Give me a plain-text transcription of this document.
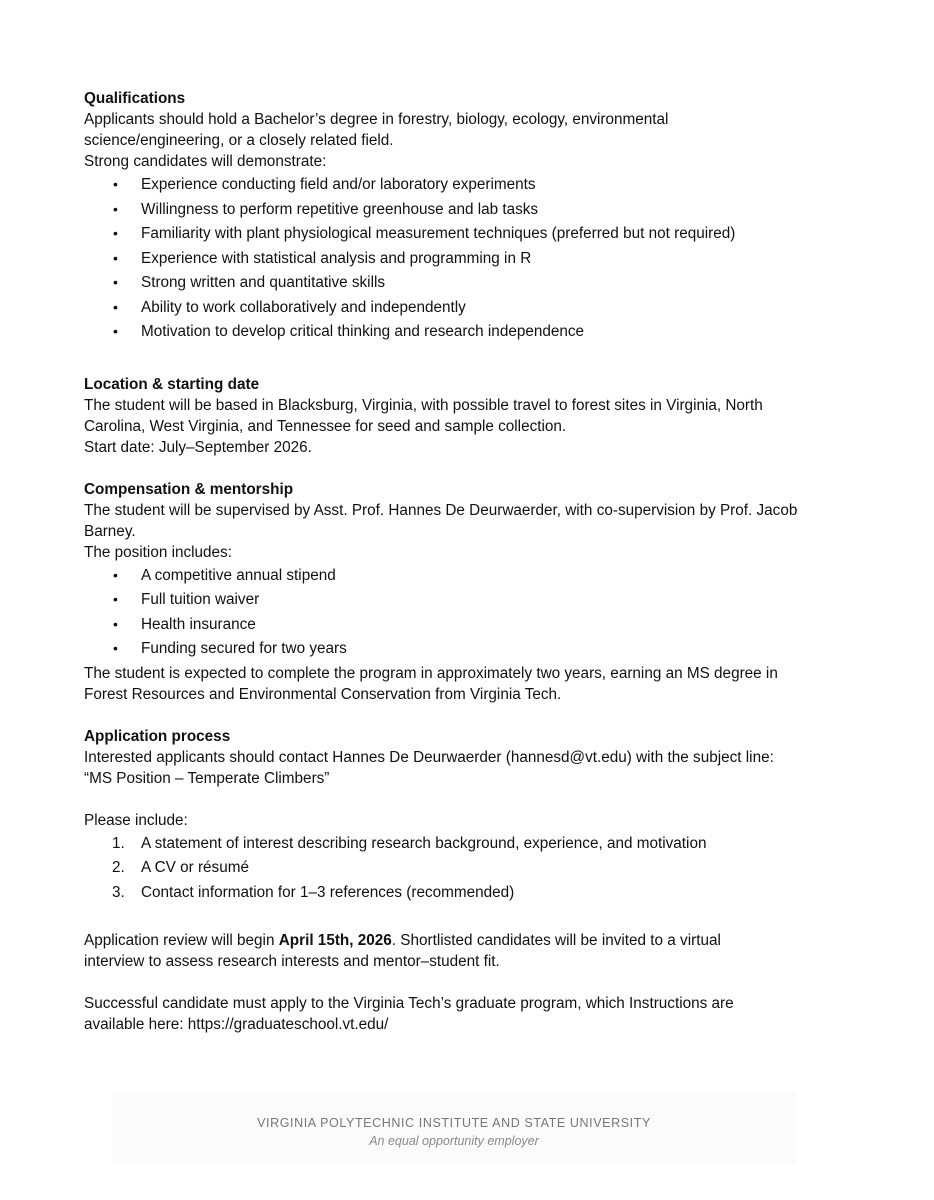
Qualifications
Applicants should hold a Bachelor’s degree in forestry, biology, ecology, environmental
science/engineering, or a closely related field.
Strong candidates will demonstrate:
• Experience conducting field and/or laboratory experiments
• Willingness to perform repetitive greenhouse and lab tasks
• Familiarity with plant physiological measurement techniques (preferred but not required)
• Experience with statistical analysis and programming in R
• Strong written and quantitative skills
• Ability to work collaboratively and independently
• Motivation to develop critical thinking and research independence
Location & starting date
The student will be based in Blacksburg, Virginia, with possible travel to forest sites in Virginia, North
Carolina, West Virginia, and Tennessee for seed and sample collection.
Start date: July–September 2026.
Compensation & mentorship
The student will be supervised by Asst. Prof. Hannes De Deurwaerder, with co-supervision by Prof. Jacob
Barney.
The position includes:
• A competitive annual stipend
• Full tuition waiver
• Health insurance
• Funding secured for two years
The student is expected to complete the program in approximately two years, earning an MS degree in
Forest Resources and Environmental Conservation from Virginia Tech.
Application process
Interested applicants should contact Hannes De Deurwaerder (hannesd@vt.edu) with the subject line:
“MS Position – Temperate Climbers”
Please include:
1. A statement of interest describing research background, experience, and motivation
2. A CV or résumé
3. Contact information for 1–3 references (recommended)
Application review will begin April 15th, 2026. Shortlisted candidates will be invited to a virtual
interview to assess research interests and mentor–student fit.
Successful candidate must apply to the Virginia Tech’s graduate program, which Instructions are
available here: https://graduateschool.vt.edu/
VIRGINIA POLYTECHNIC INSTITUTE AND STATE UNIVERSITY
An equal opportunity employer
